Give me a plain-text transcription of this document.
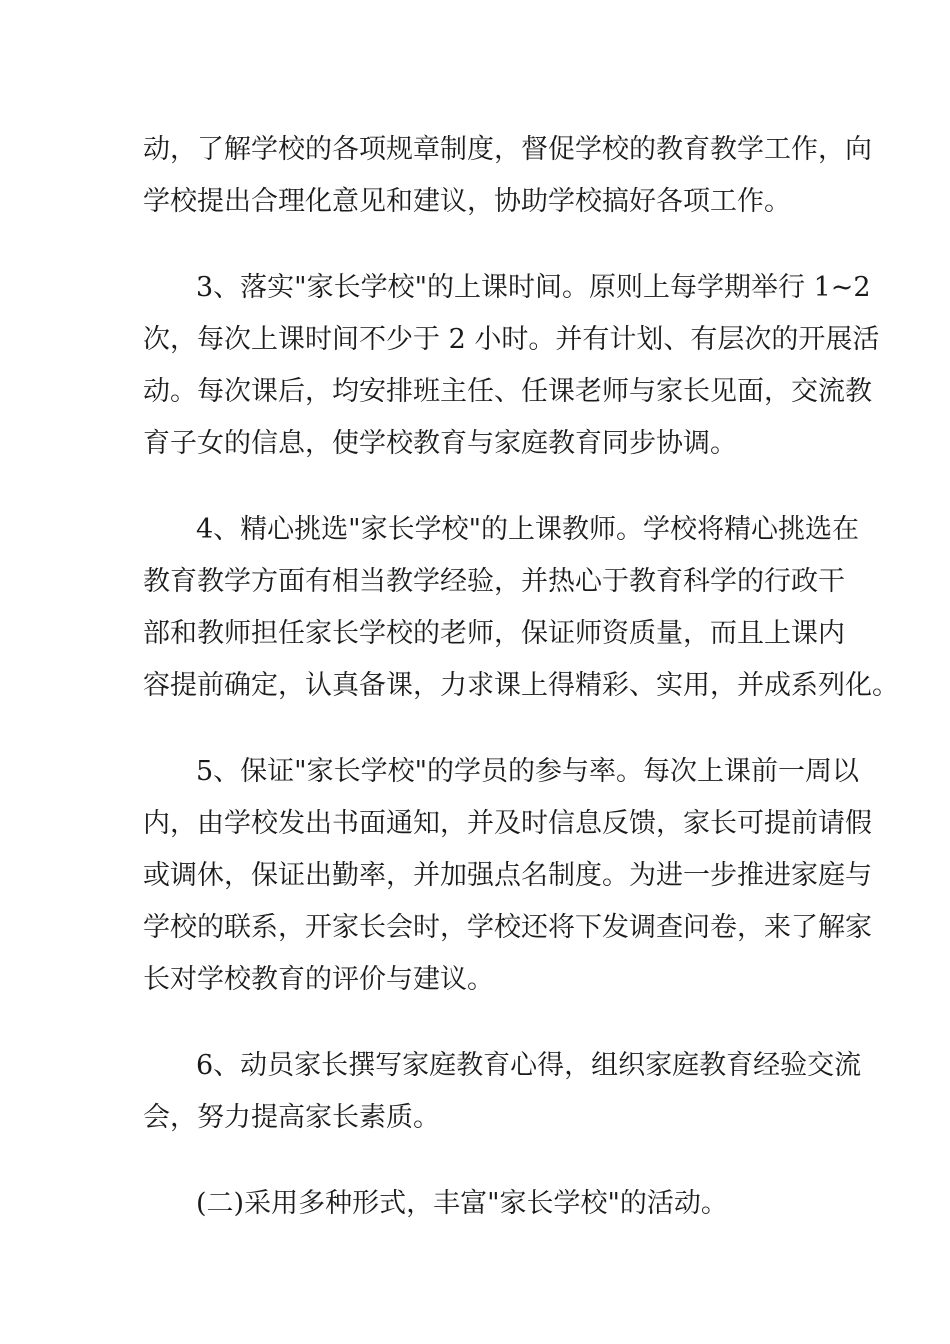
动，了解学校的各项规章制度，督促学校的教育教学工作，向
学校提出合理化意见和建议，协助学校搞好各项工作。
3、落实"家长学校"的上课时间。原则上每学期举行 1~2
次，每次上课时间不少于 2 小时。并有计划、有层次的开展活
动。每次课后，均安排班主任、任课老师与家长见面，交流教
育子女的信息，使学校教育与家庭教育同步协调。
4、精心挑选"家长学校"的上课教师。学校将精心挑选在
教育教学方面有相当教学经验，并热心于教育科学的行政干
部和教师担任家长学校的老师，保证师资质量，而且上课内
容提前确定，认真备课，力求课上得精彩、实用，并成系列化。
5、保证"家长学校"的学员的参与率。每次上课前一周以
内，由学校发出书面通知，并及时信息反馈，家长可提前请假
或调休，保证出勤率，并加强点名制度。为进一步推进家庭与
学校的联系，开家长会时，学校还将下发调查问卷，来了解家
长对学校教育的评价与建议。
6、动员家长撰写家庭教育心得，组织家庭教育经验交流
会，努力提高家长素质。
(二)采用多种形式，丰富"家长学校"的活动。
